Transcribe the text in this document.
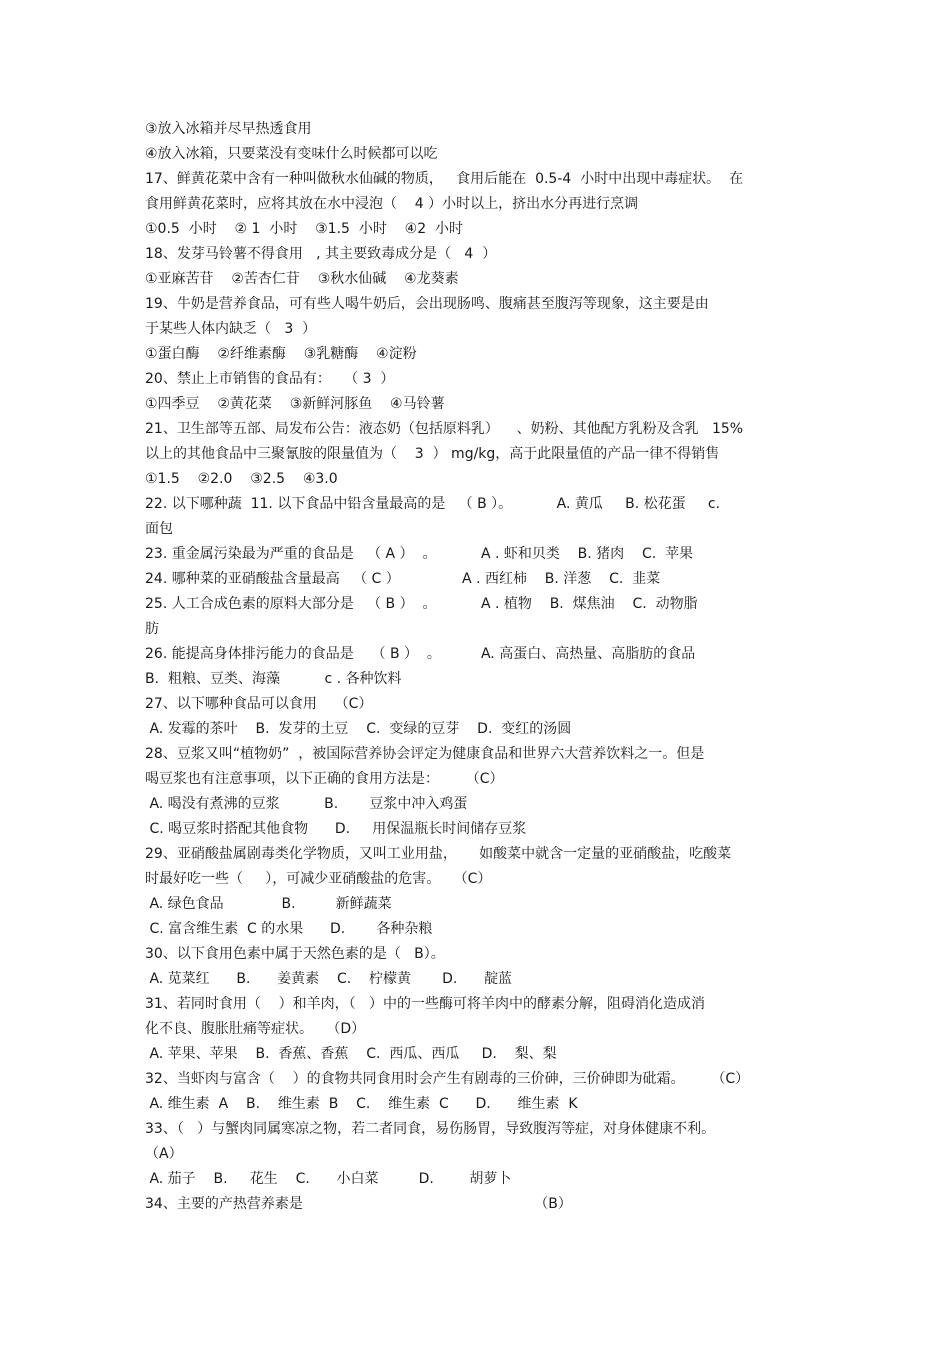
③放入冰箱并尽早热透食用
④放入冰箱，只要菜没有变味什么时候都可以吃
17、鲜黄花菜中含有一种叫做秋水仙碱的物质，   食用后能在  0.5-4  小时中出现中毒症状。  在
食用鲜黄花菜时，应将其放在水中浸泡（    4 ）小时以上，挤出水分再进行烹调
①0.5  小时    ② 1  小时    ③1.5  小时    ④2  小时
18、发芽马铃薯不得食用   , 其主要致毒成分是（   4  ）
①亚麻苦苷    ②苦杏仁苷    ③秋水仙碱    ④龙葵素
19、牛奶是营养食品，可有些人喝牛奶后，会出现肠鸣、腹痛甚至腹泻等现象，这主要是由
于某些人体内缺乏（   3  ）
①蛋白酶    ②纤维素酶    ③乳糖酶    ④淀粉
20、禁止上市销售的食品有：   （ 3  ）
①四季豆    ②黄花菜    ③新鲜河豚鱼    ④马铃薯
21、卫生部等五部、局发布公告：液态奶（包括原料乳）    、奶粉、其他配方乳粉及含乳   15%
以上的其他食品中三聚氰胺的限量值为（    3  ） mg/kg，高于此限量值的产品一律不得销售
①1.5    ②2.0    ③2.5    ④3.0
22. 以下哪种蔬  11. 以下食品中铅含量最高的是   （ B ）。          A. 黄瓜     B. 松花蛋     c.
面包
23. 重金属污染最为严重的食品是   （ A ）  。          A . 虾和贝类    B. 猪肉    C.  苹果
24. 哪种菜的亚硝酸盐含量最高   （ C ）              A . 西红柿    B. 洋葱    C.  韭菜
25. 人工合成色素的原料大部分是   （ B ）  。          A . 植物    B.  煤焦油    C.  动物脂
肪
26. 能提高身体排污能力的食品是    （ B ）  。         A. 高蛋白、高热量、高脂肪的食品
B.  粗粮、豆类、海藻          c . 各种饮料
27、以下哪种食品可以食用    （C）
A. 发霉的茶叶    B.  发芽的土豆    C.  变绿的豆芽    D.  变红的汤圆
28、豆浆又叫“植物奶”  ，被国际营养协会评定为健康食品和世界六大营养饮料之一。但是
喝豆浆也有注意事项，以下正确的食用方法是：      （C）
A. 喝没有煮沸的豆浆          B.       豆浆中冲入鸡蛋
C. 喝豆浆时搭配其他食物      D.     用保温瓶长时间储存豆浆
29、亚硝酸盐属剧毒类化学物质，又叫工业用盐，     如酸菜中就含一定量的亚硝酸盐，吃酸菜
时最好吃一些（     ），可减少亚硝酸盐的危害。   （C）
A. 绿色食品             B.         新鲜蔬菜
C. 富含维生素  C 的水果      D.       各种杂粮
30、以下食用色素中属于天然色素的是（   B）。
A. 苋菜红      B.      姜黄素    C.    柠檬黄       D.      靛蓝
31、若同时食用（    ）和羊肉，（   ）中的一些酶可将羊肉中的酵素分解，阻碍消化造成消
化不良、腹胀肚痛等症状。   （D）
A. 苹果、苹果    B.  香蕉、香蕉    C.  西瓜、西瓜     D.    梨、梨
32、当虾肉与富含（    ）的食物共同食用时会产生有剧毒的三价砷，三价砷即为砒霜。      （C）
A. 维生素  A    B.    维生素  B    C.    维生素  C      D.      维生素  K
33、（   ）与蟹肉同属寒凉之物，若二者同食，易伤肠胃，导致腹泻等症，对身体健康不利。
（A）
A. 茄子    B.     花生    C.      小白菜         D.        胡萝卜
34、主要的产热营养素是                                                    （B）
